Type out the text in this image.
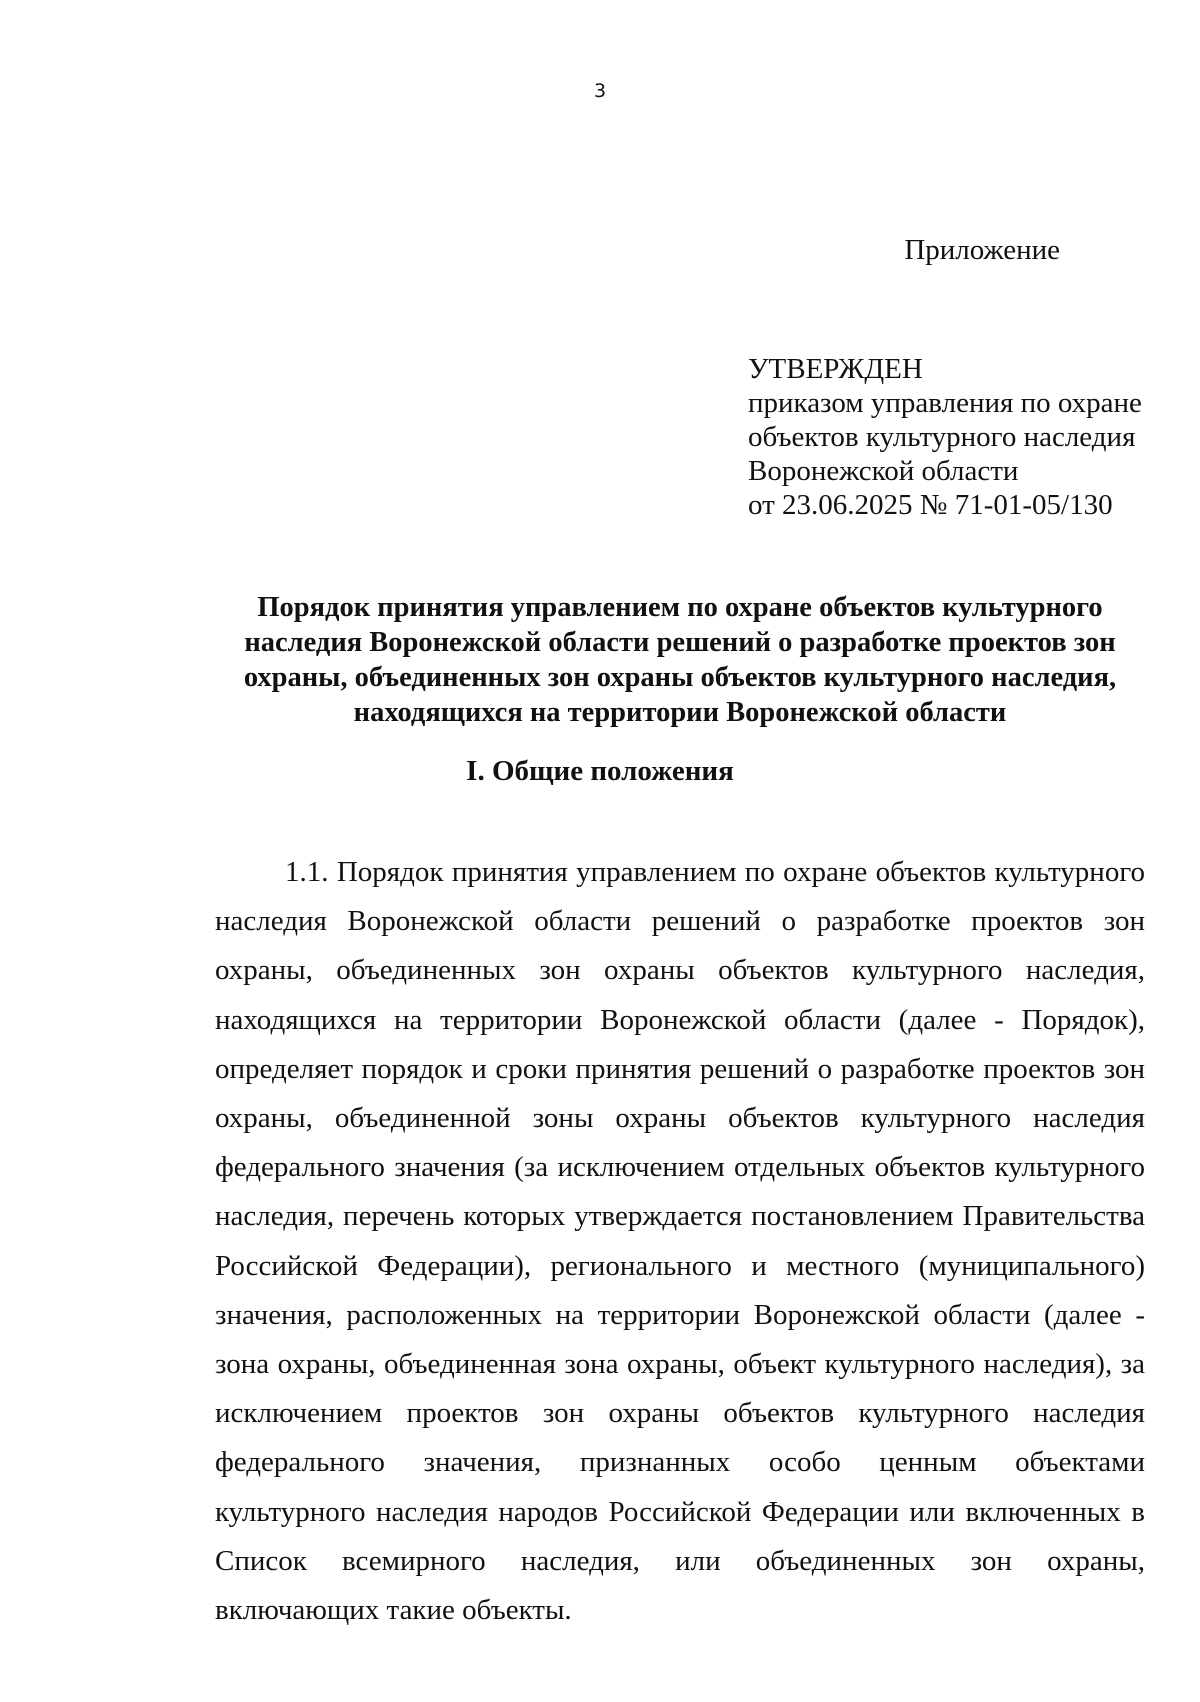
3
Приложение
УТВЕРЖДЕН
приказом управления по охране
объектов культурного наследия
Воронежской области
от 23.06.2025 № 71-01-05/130
Порядок принятия управлением по охране объектов культурного наследия Воронежской области решений о разработке проектов зон охраны, объединенных зон охраны объектов культурного наследия, находящихся на территории Воронежской области
I. Общие положения

1.1. Порядок принятия управлением по охране объектов культурного наследия Воронежской области решений о разработке проектов зон охраны, объединенных зон охраны объектов культурного наследия, находящихся на территории Воронежской области (далее - Порядок), определяет порядок и сроки принятия решений о разработке проектов зон охраны, объединенной зоны охраны объектов культурного наследия федерального значения (за исключением отдельных объектов культурного наследия, перечень которых утверждается постановлением Правительства Российской Федерации), регионального и местного (муниципального) значения, расположенных на территории Воронежской области (далее - зона охраны, объединенная зона охраны, объект культурного наследия), за исключением проектов зон охраны объектов культурного наследия федерального значения, признанных особо ценным объектами культурного наследия народов Российской Федерации или включенных в Список всемирного наследия, или объединенных зон охраны, включающих такие объекты.
